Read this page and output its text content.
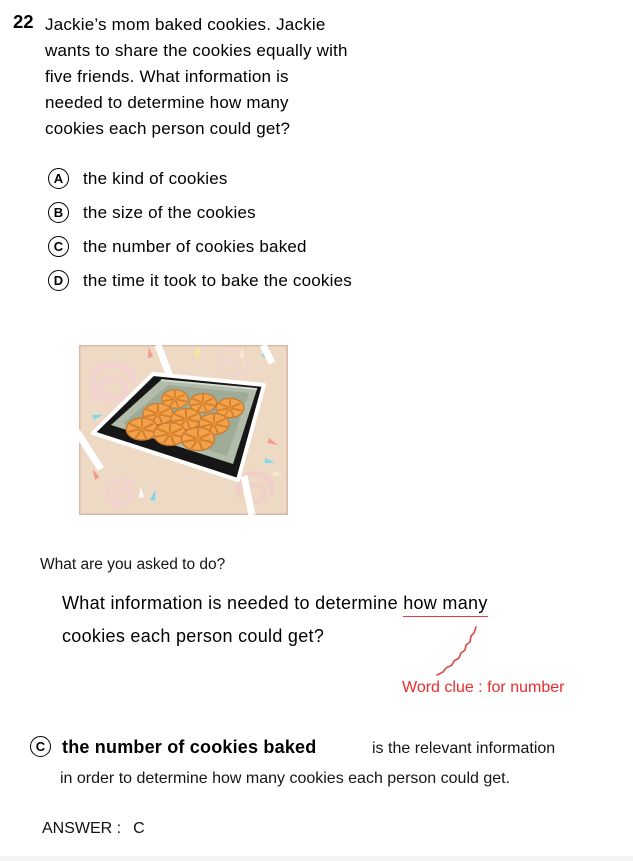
22 Jackie’s mom baked cookies. Jackie
wants to share the cookies equally with
five friends. What information is
needed to determine how many
cookies each person could get?
A	the kind of cookies
B	the size of the cookies
C	the number of cookies baked
D	the time it took to bake the cookies
What are you asked to do?
What information is needed to determine how many
cookies each person could get?
Word clue : for number
C the number of cookies baked	is the relevant information
in order to determine how many cookies each person could get.
ANSWER : C
